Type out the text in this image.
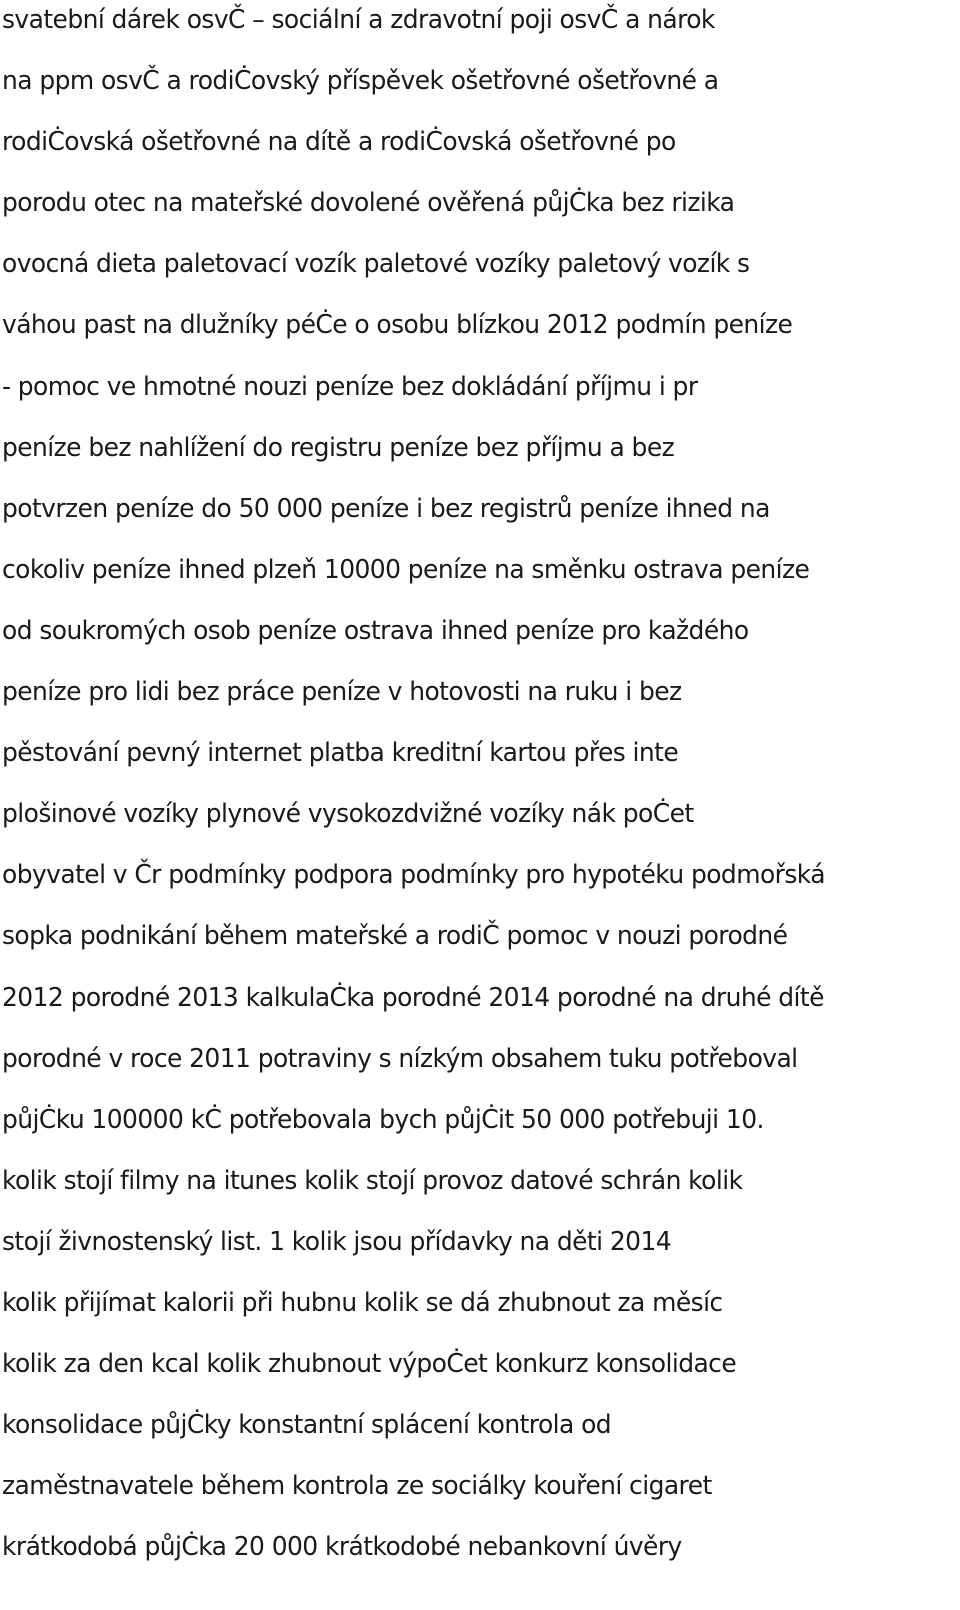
svatební dárek osvČ – sociální a zdravotní poji osvČ a nárok
na ppm osvČ a rodiĊovský příspěvek ošetřovné ošetřovné a
rodiĊovská ošetřovné na dítě a rodiĊovská ošetřovné po
porodu otec na mateřské dovolené ověřená půjĊka bez rizika
ovocná dieta paletovací vozík paletové vozíky paletový vozík s
váhou past na dlužníky péĊe o osobu blízkou 2012 podmín peníze
- pomoc ve hmotné nouzi peníze bez dokládání příjmu i pr
peníze bez nahlížení do registru peníze bez příjmu a bez
potvrzen peníze do 50 000 peníze i bez registrů peníze ihned na
cokoliv peníze ihned plzeň 10000 peníze na směnku ostrava peníze
od soukromých osob peníze ostrava ihned peníze pro každého
peníze pro lidi bez práce peníze v hotovosti na ruku i bez
pěstování pevný internet platba kreditní kartou přes inte
plošinové vozíky plynové vysokozdvižné vozíky nák poĊet
obyvatel v Čr podmínky podpora podmínky pro hypotéku podmořská
sopka podnikání během mateřské a rodiČ pomoc v nouzi porodné
2012 porodné 2013 kalkulaĊka porodné 2014 porodné na druhé dítě
porodné v roce 2011 potraviny s nízkým obsahem tuku potřeboval
půjĊku 100000 kĊ potřebovala bych půjĊit 50 000 potřebuji 10.
kolik stojí filmy na itunes kolik stojí provoz datové schrán kolik
stojí živnostenský list. 1 kolik jsou přídavky na děti 2014
kolik přijímat kalorii při hubnu kolik se dá zhubnout za měsíc
kolik za den kcal kolik zhubnout výpoĊet konkurz konsolidace
konsolidace půjĊky konstantní splácení kontrola od
zaměstnavatele během kontrola ze sociálky kouření cigaret
krátkodobá půjĊka 20 000 krátkodobé nebankovní úvěry
